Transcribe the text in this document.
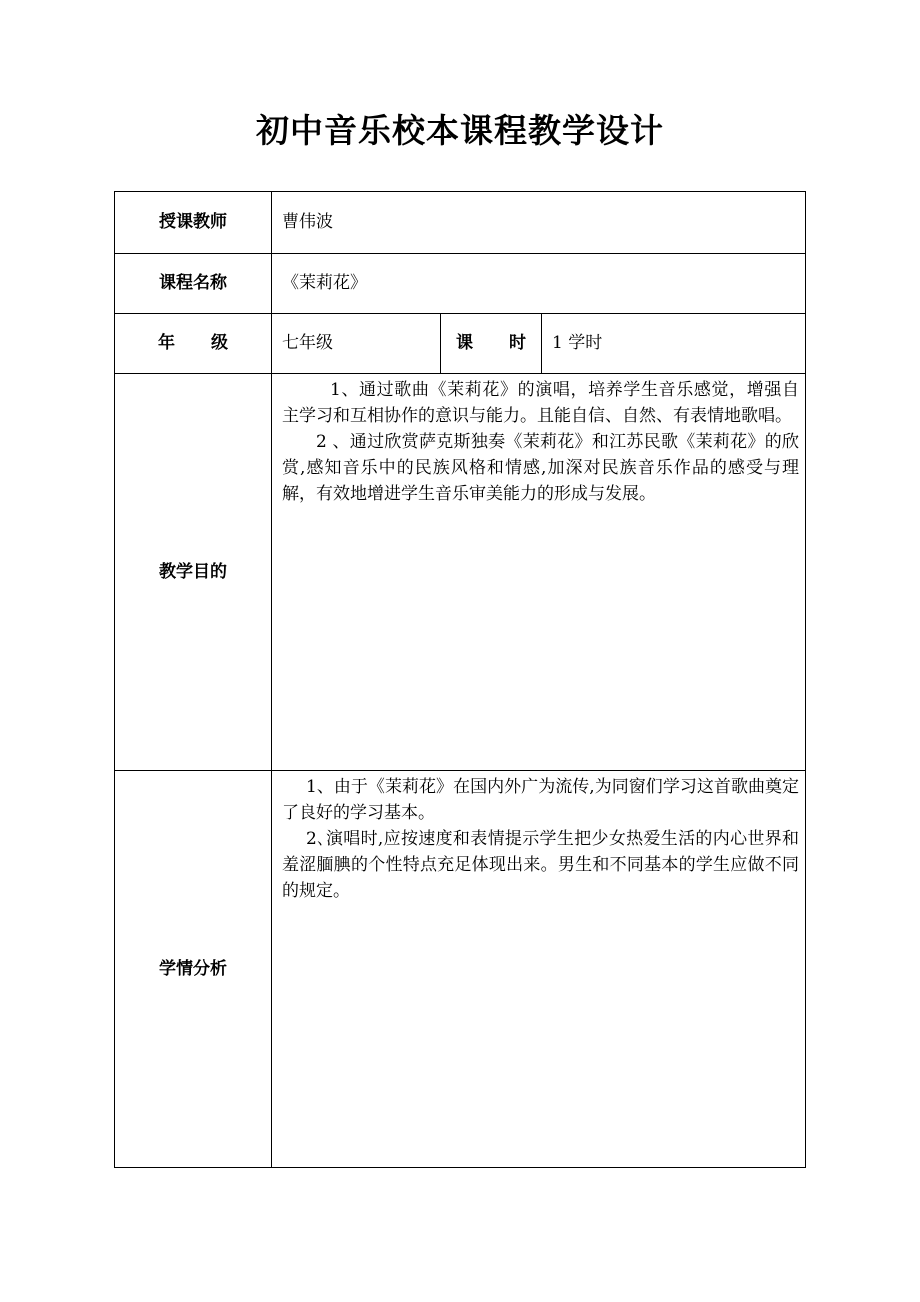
初中音乐校本课程教学设计
授课教师	曹伟波		
课程名称	《茉莉花》		

年 级	七年级	课 时	1 学时
教学目的	1、通过歌曲《茉莉花》的演唱，培养学生音乐感觉，增强自主学习和互相协作的意识与能力。且能自信、自然、有表情地歌唱。

2 、通过欣赏萨克斯独奏《茉莉花》和江苏民歌《茉莉花》的欣赏,感知音乐中的民族风格和情感,加深对民族音乐作品的感受与理解，有效地增进学生音乐审美能力的形成与发展。		

学情分析	1、由于《茉莉花》在国内外广为流传,为同窗们学习这首歌曲奠定了良好的学习基本。

2､演唱时,应按速度和表情提示学生把少女热爱生活的内心世界和羞涩腼腆的个性特点充足体现出来。男生和不同基本的学生应做不同的规定。		
